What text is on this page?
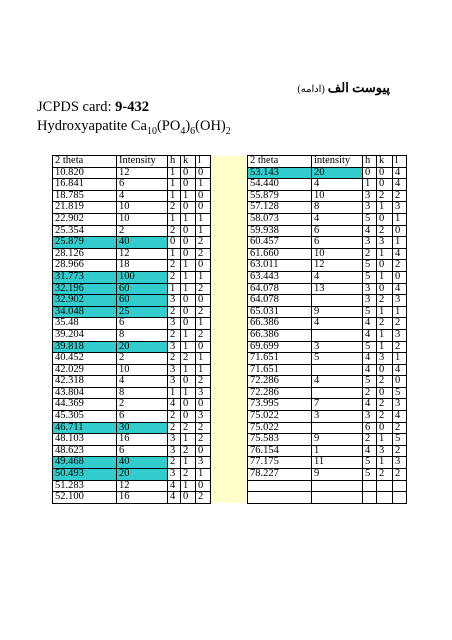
پیوست الف(ادامه)
JCPDS card: 9-432
Hydroxyapatite $Ca_{10}(PO_4)_6(OH)_2$
2 theta	Intensity	h	k	l		2 theta	intensity	h	k	l
10.820	12	1	0	0		53.143	20	0	0	4
16.841	6	1	0	1		54.440	4	1	0	4
18.785	4	1	1	0		55.879	10	3	2	2
21.819	10	2	0	0		57.128	8	3	1	3
22.902	10	1	1	1		58.073	4	5	0	1
25.354	2	2	0	1		59.938	6	4	2	0
25.879	40	0	0	2		60.457	6	3	3	1
28.126	12	1	0	2		61.660	10	2	1	4
28.966	18	2	1	0		63.011	12	5	0	2
31.773	100	2	1	1		63.443	4	5	1	0
32.196	60	1	1	2		64.078	13	3	0	4
32.902	60	3	0	0		64.078		3	2	3
34.048	25	2	0	2		65.031	9	5	1	1
35.48	6	3	0	1		66.386	4	4	2	2
39.204	8	2	1	2		66.386		4	1	3
39.818	20	3	1	0		69.699	3	5	1	2
40.452	2	2	2	1		71.651	5	4	3	1
42.029	10	3	1	1		71.651		4	0	4
42.318	4	3	0	2		72.286	4	5	2	0
43.804	8	1	1	3		72.286		2	0	5
44.369	2	4	0	0		73.995	7	4	2	3
45.305	6	2	0	3		75.022	3	3	2	4
46.711	30	2	2	2		75.022		6	0	2
48.103	16	3	1	2		75.583	9	2	1	5
48.623	6	3	2	0		76.154	1	4	3	2
49.468	40	2	1	3		77.175	11	5	1	3
50.493	20	3	2	1		78.227	9	5	2	2
51.283	12	4	1	0						
52.100	16	4	0	2						
